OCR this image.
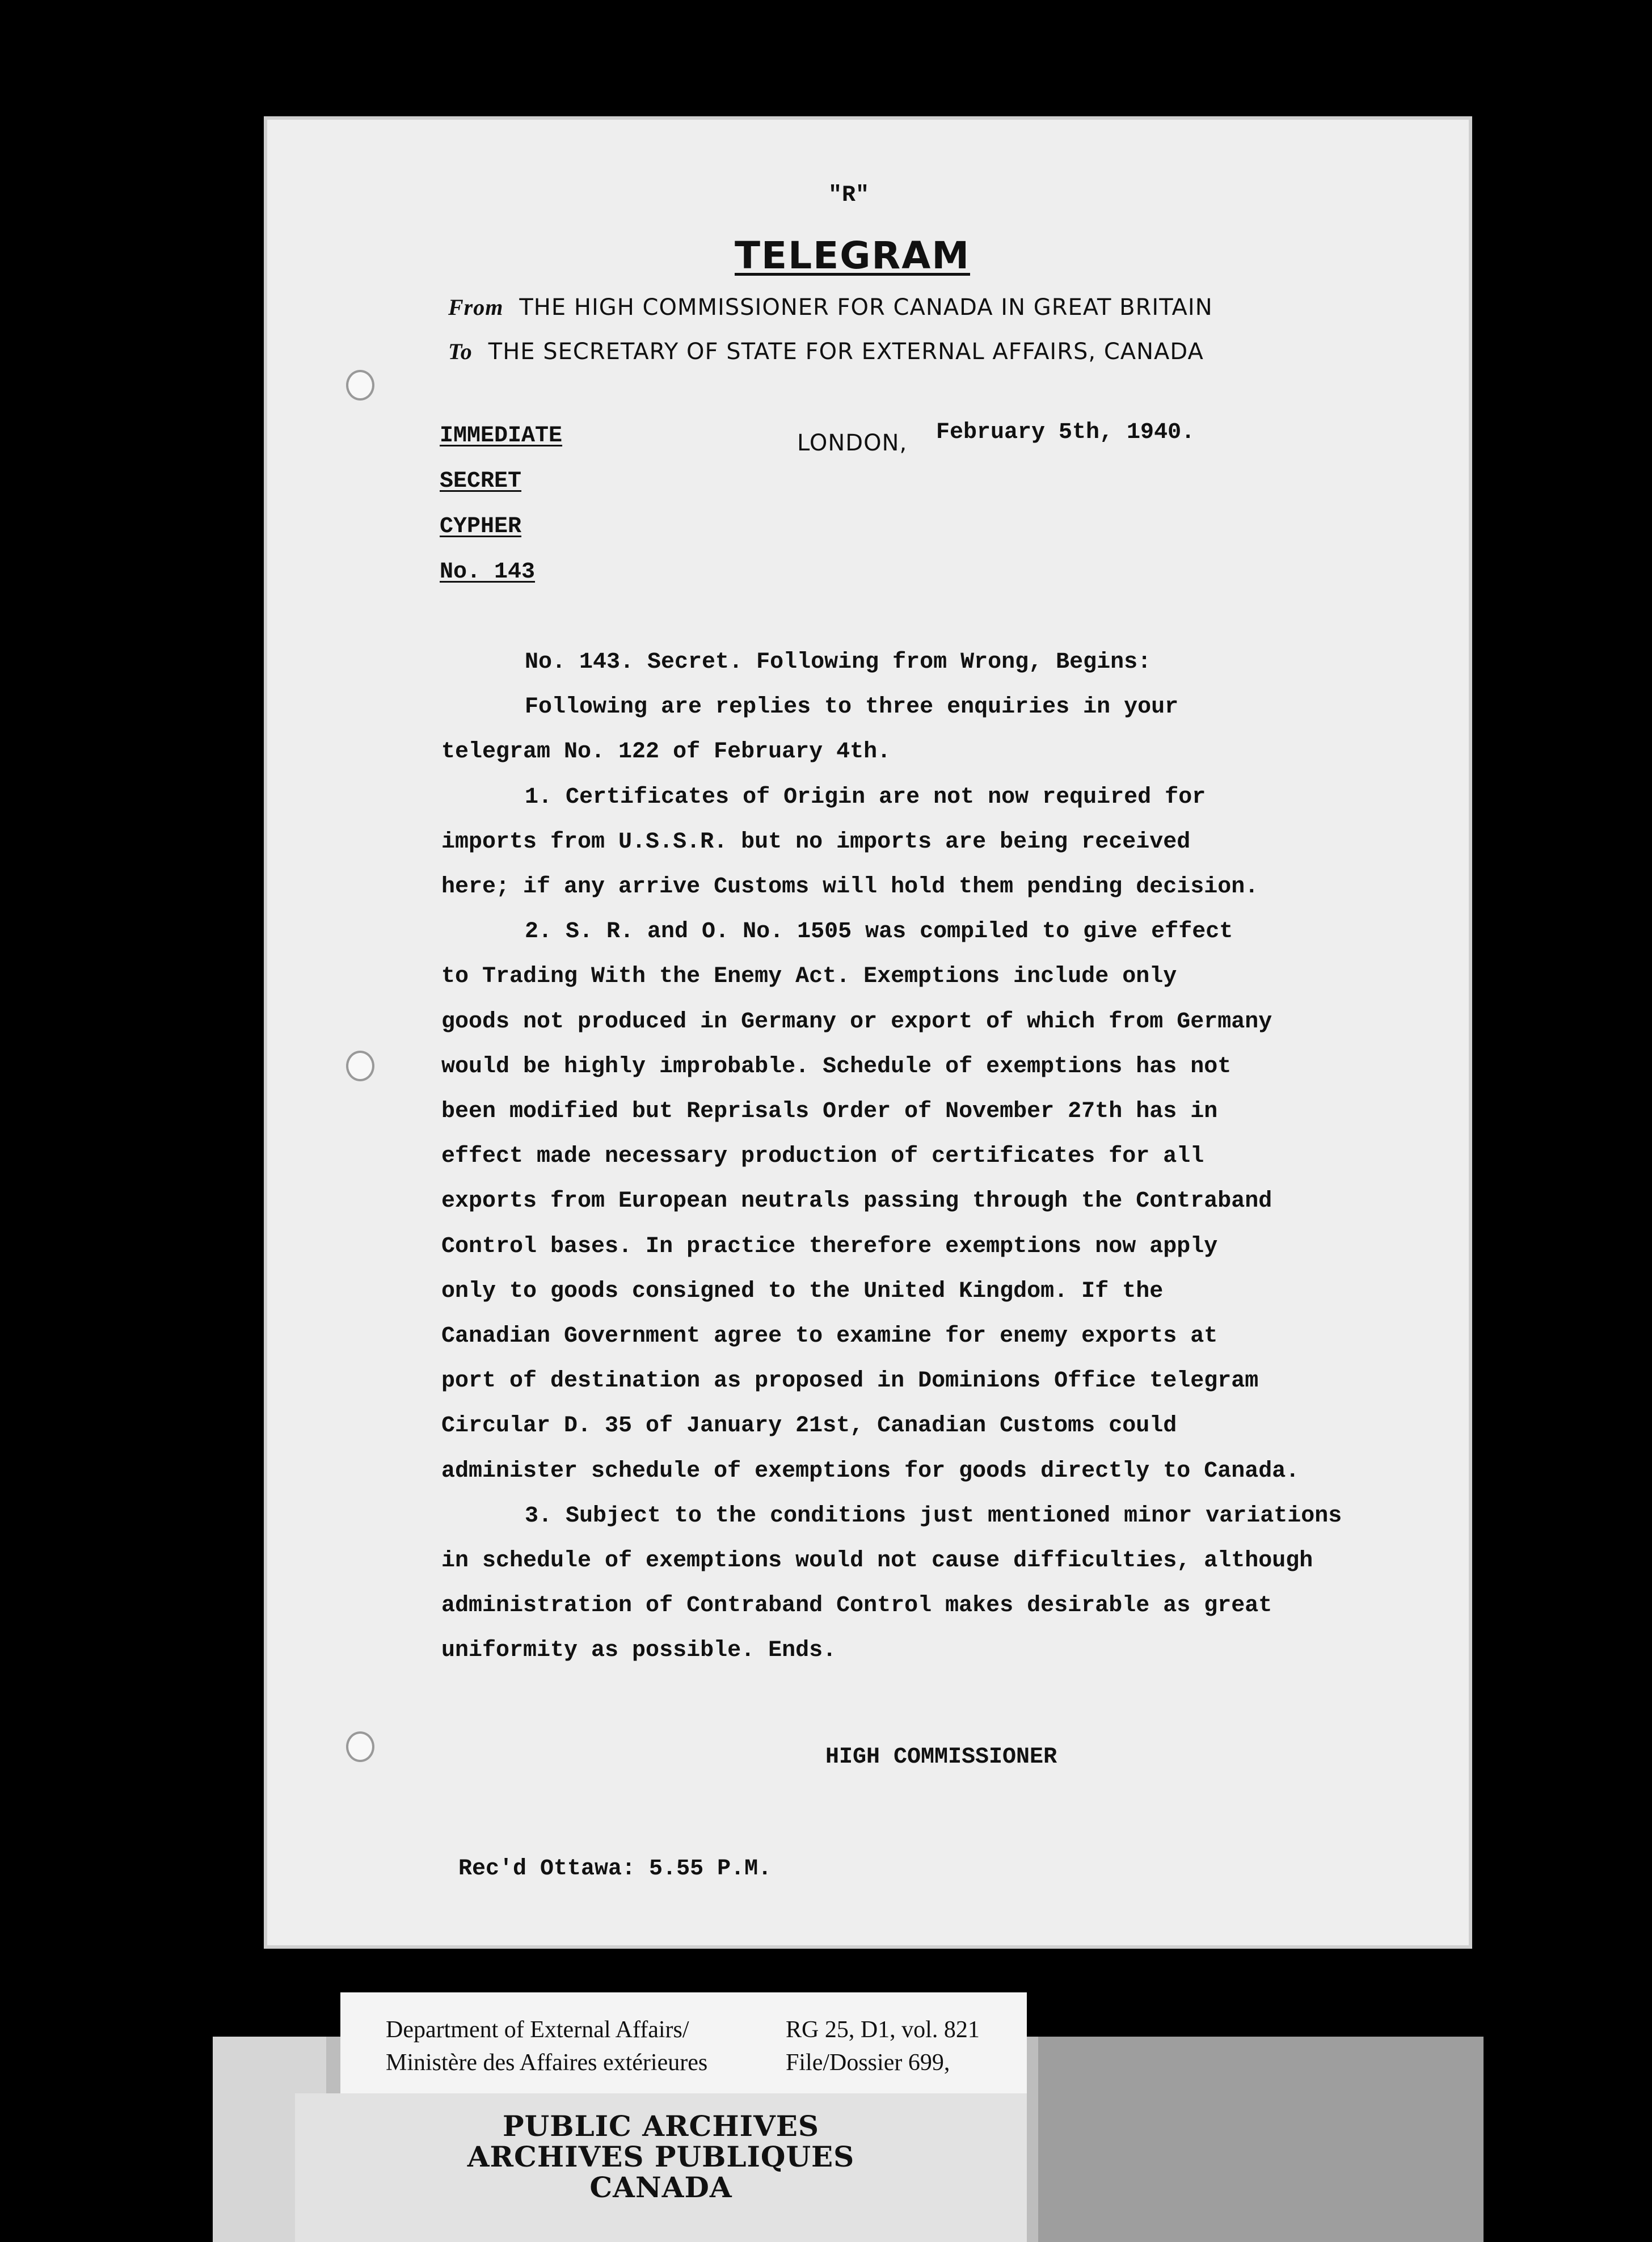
"R"
TELEGRAM
From THE HIGH COMMISSIONER FOR CANADA IN GREAT BRITAIN
To THE SECRETARY OF STATE FOR EXTERNAL AFFAIRS, CANADA
IMMEDIATE
SECRET
CYPHER
No. 143
LONDON, February 5th, 1940.
No. 143. Secret. Following from Wrong, Begins:
Following are replies to three enquiries in your
telegram No. 122 of February 4th.
1. Certificates of Origin are not now required for
imports from U.S.S.R. but no imports are being received
here; if any arrive Customs will hold them pending decision.
2. S. R. and O. No. 1505 was compiled to give effect
to Trading With the Enemy Act. Exemptions include only
goods not produced in Germany or export of which from Germany
would be highly improbable. Schedule of exemptions has not
been modified but Reprisals Order of November 27th has in
effect made necessary production of certificates for all
exports from European neutrals passing through the Contraband
Control bases. In practice therefore exemptions now apply
only to goods consigned to the United Kingdom. If the
Canadian Government agree to examine for enemy exports at
port of destination as proposed in Dominions Office telegram
Circular D. 35 of January 21st, Canadian Customs could
administer schedule of exemptions for goods directly to Canada.
3. Subject to the conditions just mentioned minor variations
in schedule of exemptions would not cause difficulties, although
administration of Contraband Control makes desirable as great
uniformity as possible. Ends.
HIGH COMMISSIONER
Rec'd Ottawa: 5.55 P.M.
Department of External Affairs/
Ministère des Affaires extérieures
RG 25, D1, vol. 821
File/Dossier 699,
PUBLIC ARCHIVES
ARCHIVES PUBLIQUES
CANADA
